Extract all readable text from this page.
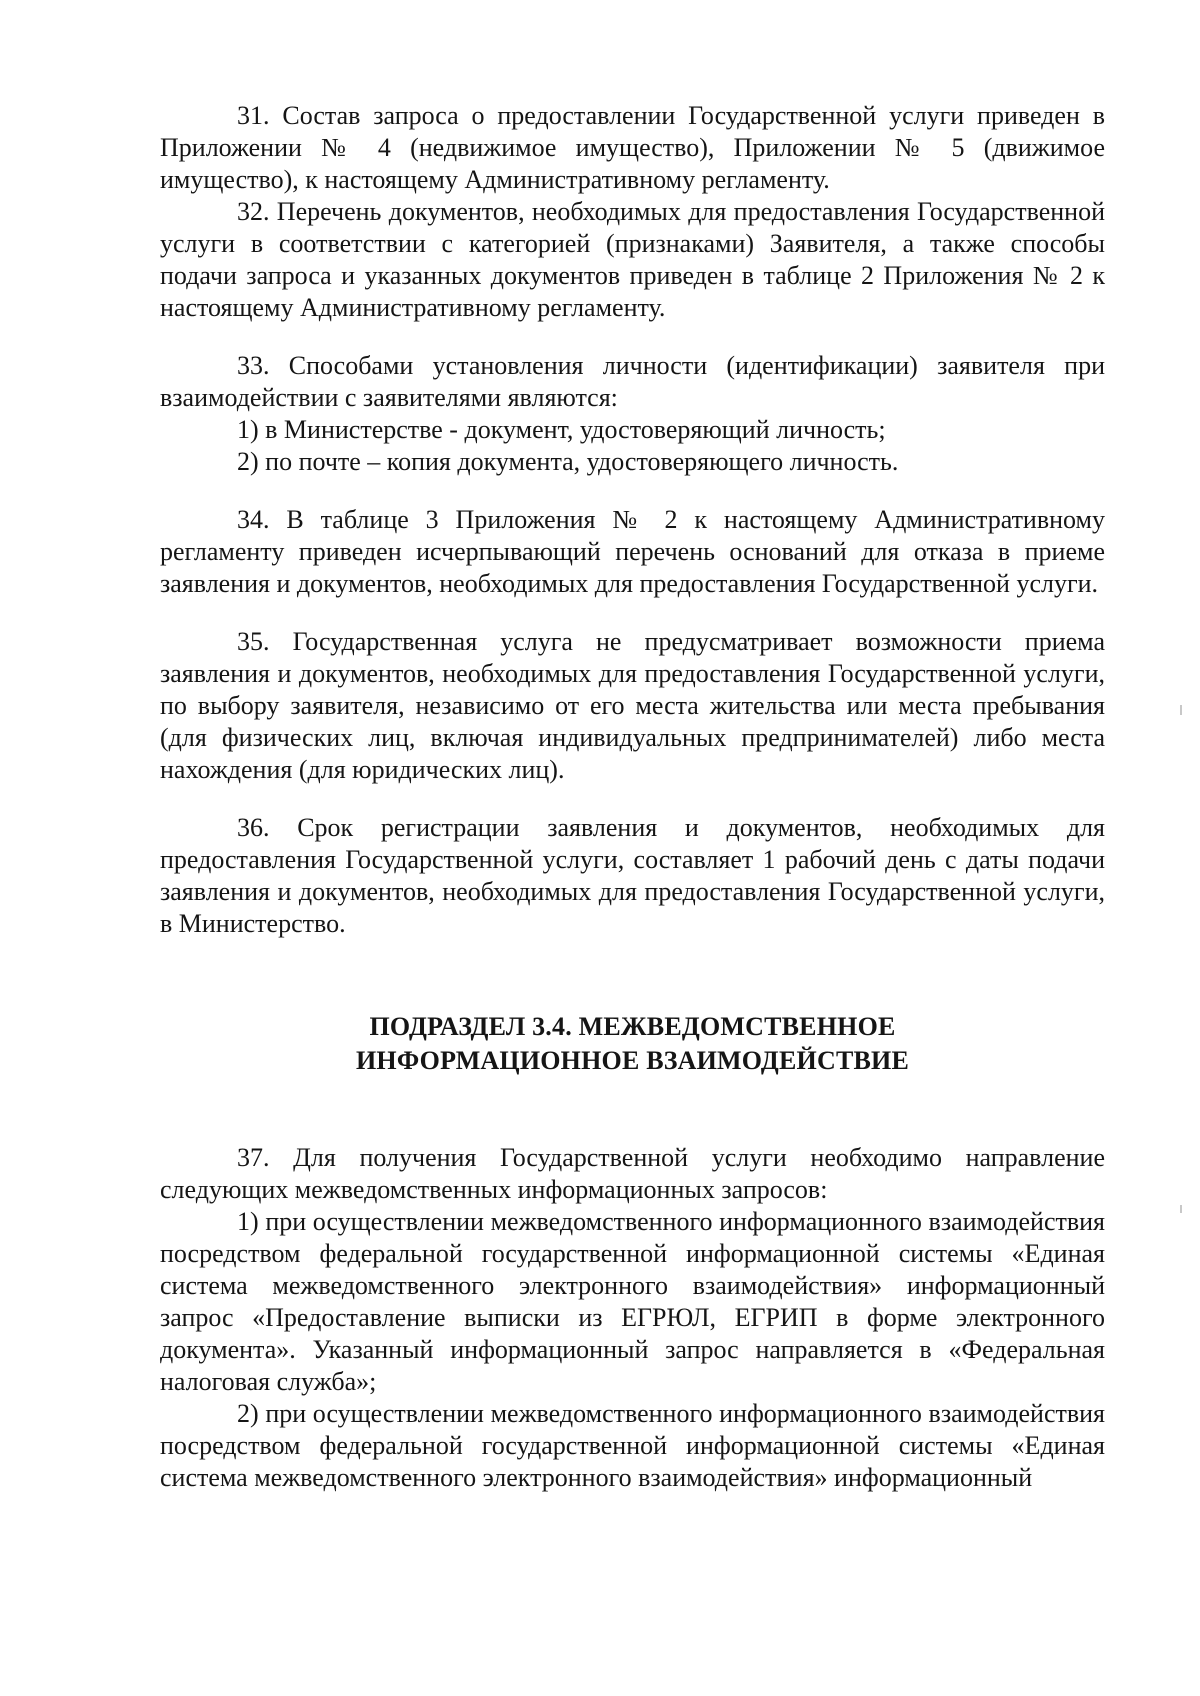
31. Состав запроса о предоставлении Государственной услуги приведен в Приложении № 4 (недвижимое имущество), Приложении № 5 (движимое имущество), к настоящему Административному регламенту.

32. Перечень документов, необходимых для предоставления Государственной услуги в соответствии с категорией (признаками) Заявителя, а также способы подачи запроса и указанных документов приведен в таблице 2 Приложения № 2 к настоящему Административному регламенту.

33. Способами установления личности (идентификации) заявителя при взаимодействии с заявителями являются:

1) в Министерстве - документ, удостоверяющий личность;

2) по почте – копия документа, удостоверяющего личность.

34. В таблице 3 Приложения № 2 к настоящему Административному регламенту приведен исчерпывающий перечень оснований для отказа в приеме заявления и документов, необходимых для предоставления Государственной услуги.

35. Государственная услуга не предусматривает возможности приема заявления и документов, необходимых для предоставления Государственной услуги, по выбору заявителя, независимо от его места жительства или места пребывания (для физических лиц, включая индивидуальных предпринимателей) либо места нахождения (для юридических лиц).

36. Срок регистрации заявления и документов, необходимых для предоставления Государственной услуги, составляет 1 рабочий день с даты подачи заявления и документов, необходимых для предоставления Государственной услуги, в Министерство.

ПОДРАЗДЕЛ 3.4. МЕЖВЕДОМСТВЕННОЕ
ИНФОРМАЦИОННОЕ ВЗАИМОДЕЙСТВИЕ

37. Для получения Государственной услуги необходимо направление следующих межведомственных информационных запросов:

1) при осуществлении межведомственного информационного взаимодействия посредством федеральной государственной информационной системы «Единая система межведомственного электронного взаимодействия» информационный запрос «Предоставление выписки из ЕГРЮЛ, ЕГРИП в форме электронного документа». Указанный информационный запрос направляется в «Федеральная налоговая служба»;

2) при осуществлении межведомственного информационного взаимодействия посредством федеральной государственной информационной системы «Единая система межведомственного электронного взаимодействия» информационный
